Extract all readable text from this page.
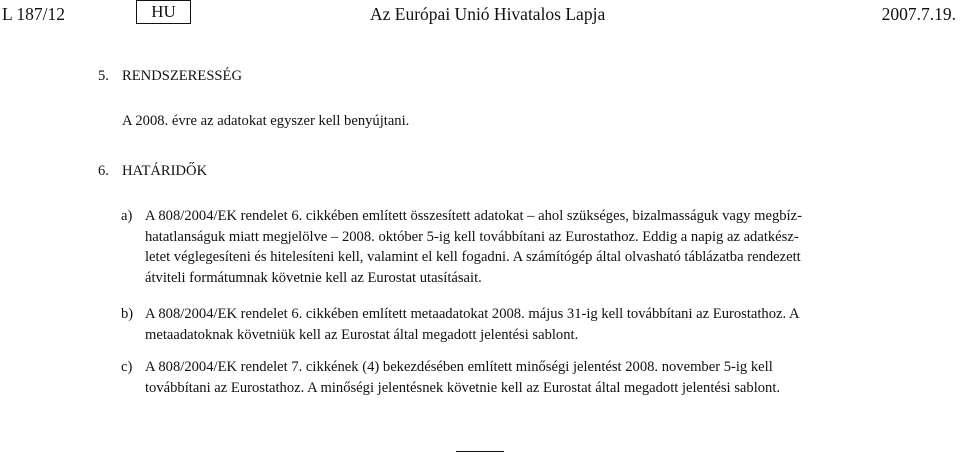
L 187/12	HU	Az Európai Unió Hivatalos Lapja	2007.7.19.
5. RENDSZERESSÉG
A 2008. évre az adatokat egyszer kell benyújtani.
6. HATÁRIDŐK
a) A 808/2004/EK rendelet 6. cikkében említett összesített adatokat – ahol szükséges, bizalmasságuk vagy megbíz-
hatatlanságuk miatt megjelölve – 2008. október 5-ig kell továbbítani az Eurostathoz. Eddig a napig az adatkész-
letet véglegesíteni és hitelesíteni kell, valamint el kell fogadni. A számítógép által olvasható táblázatba rendezett
átviteli formátumnak követnie kell az Eurostat utasításait.
b) A 808/2004/EK rendelet 6. cikkében említett metaadatokat 2008. május 31-ig kell továbbítani az Eurostathoz. A
metaadatoknak követniük kell az Eurostat által megadott jelentési sablont.
c) A 808/2004/EK rendelet 7. cikkének (4) bekezdésében említett minőségi jelentést 2008. november 5-ig kell
továbbítani az Eurostathoz. A minőségi jelentésnek követnie kell az Eurostat által megadott jelentési sablont.
